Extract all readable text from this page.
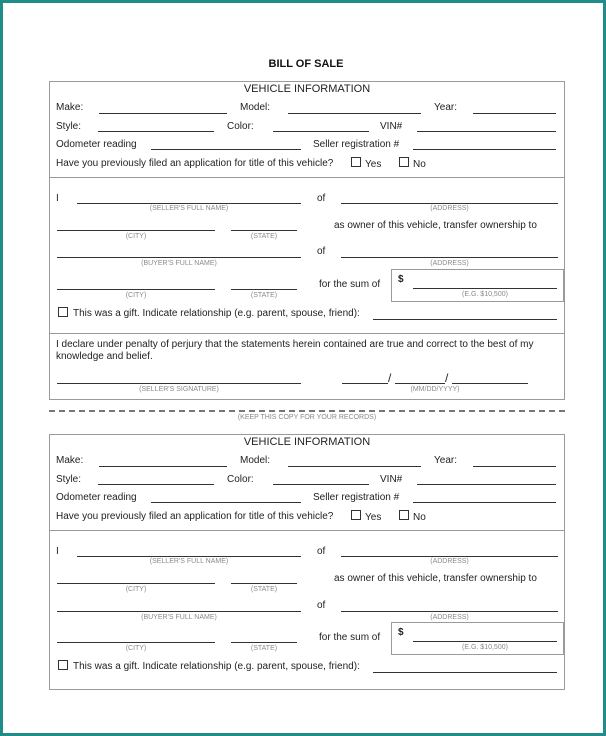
BILL OF SALE
VEHICLE INFORMATION
Make:	Model:	Year:
Style:	Color:	VIN#
Odometer reading	Seller registration #
Have you previously filed an application for title of this vehicle?	Yes	No
I
(SELLER'S FULL NAME)
of
(ADDRESS)
(CITY)	(STATE)
as owner of this vehicle, transfer ownership to
(BUYER'S FULL NAME)
of
(ADDRESS)
(CITY)	(STATE)
for the sum of $
(E.G. $10,500)
This was a gift. Indicate relationship (e.g. parent, spouse, friend):
I declare under penalty of perjury that the statements herein contained are true and correct to the best of my knowledge and belief.
(SELLER'S SIGNATURE)
/	/
(MM/DD/YYYY)
(KEEP THIS COPY FOR YOUR RECORDS)
VEHICLE INFORMATION
Make:	Model:	Year:
Style:	Color:	VIN#
Odometer reading	Seller registration #
Have you previously filed an application for title of this vehicle?	Yes	No
I
(SELLER'S FULL NAME)
of
(ADDRESS)
(CITY)	(STATE)
as owner of this vehicle, transfer ownership to
(BUYER'S FULL NAME)
of
(ADDRESS)
(CITY)	(STATE)
for the sum of $
(E.G. $10,500)
This was a gift. Indicate relationship (e.g. parent, spouse, friend):
